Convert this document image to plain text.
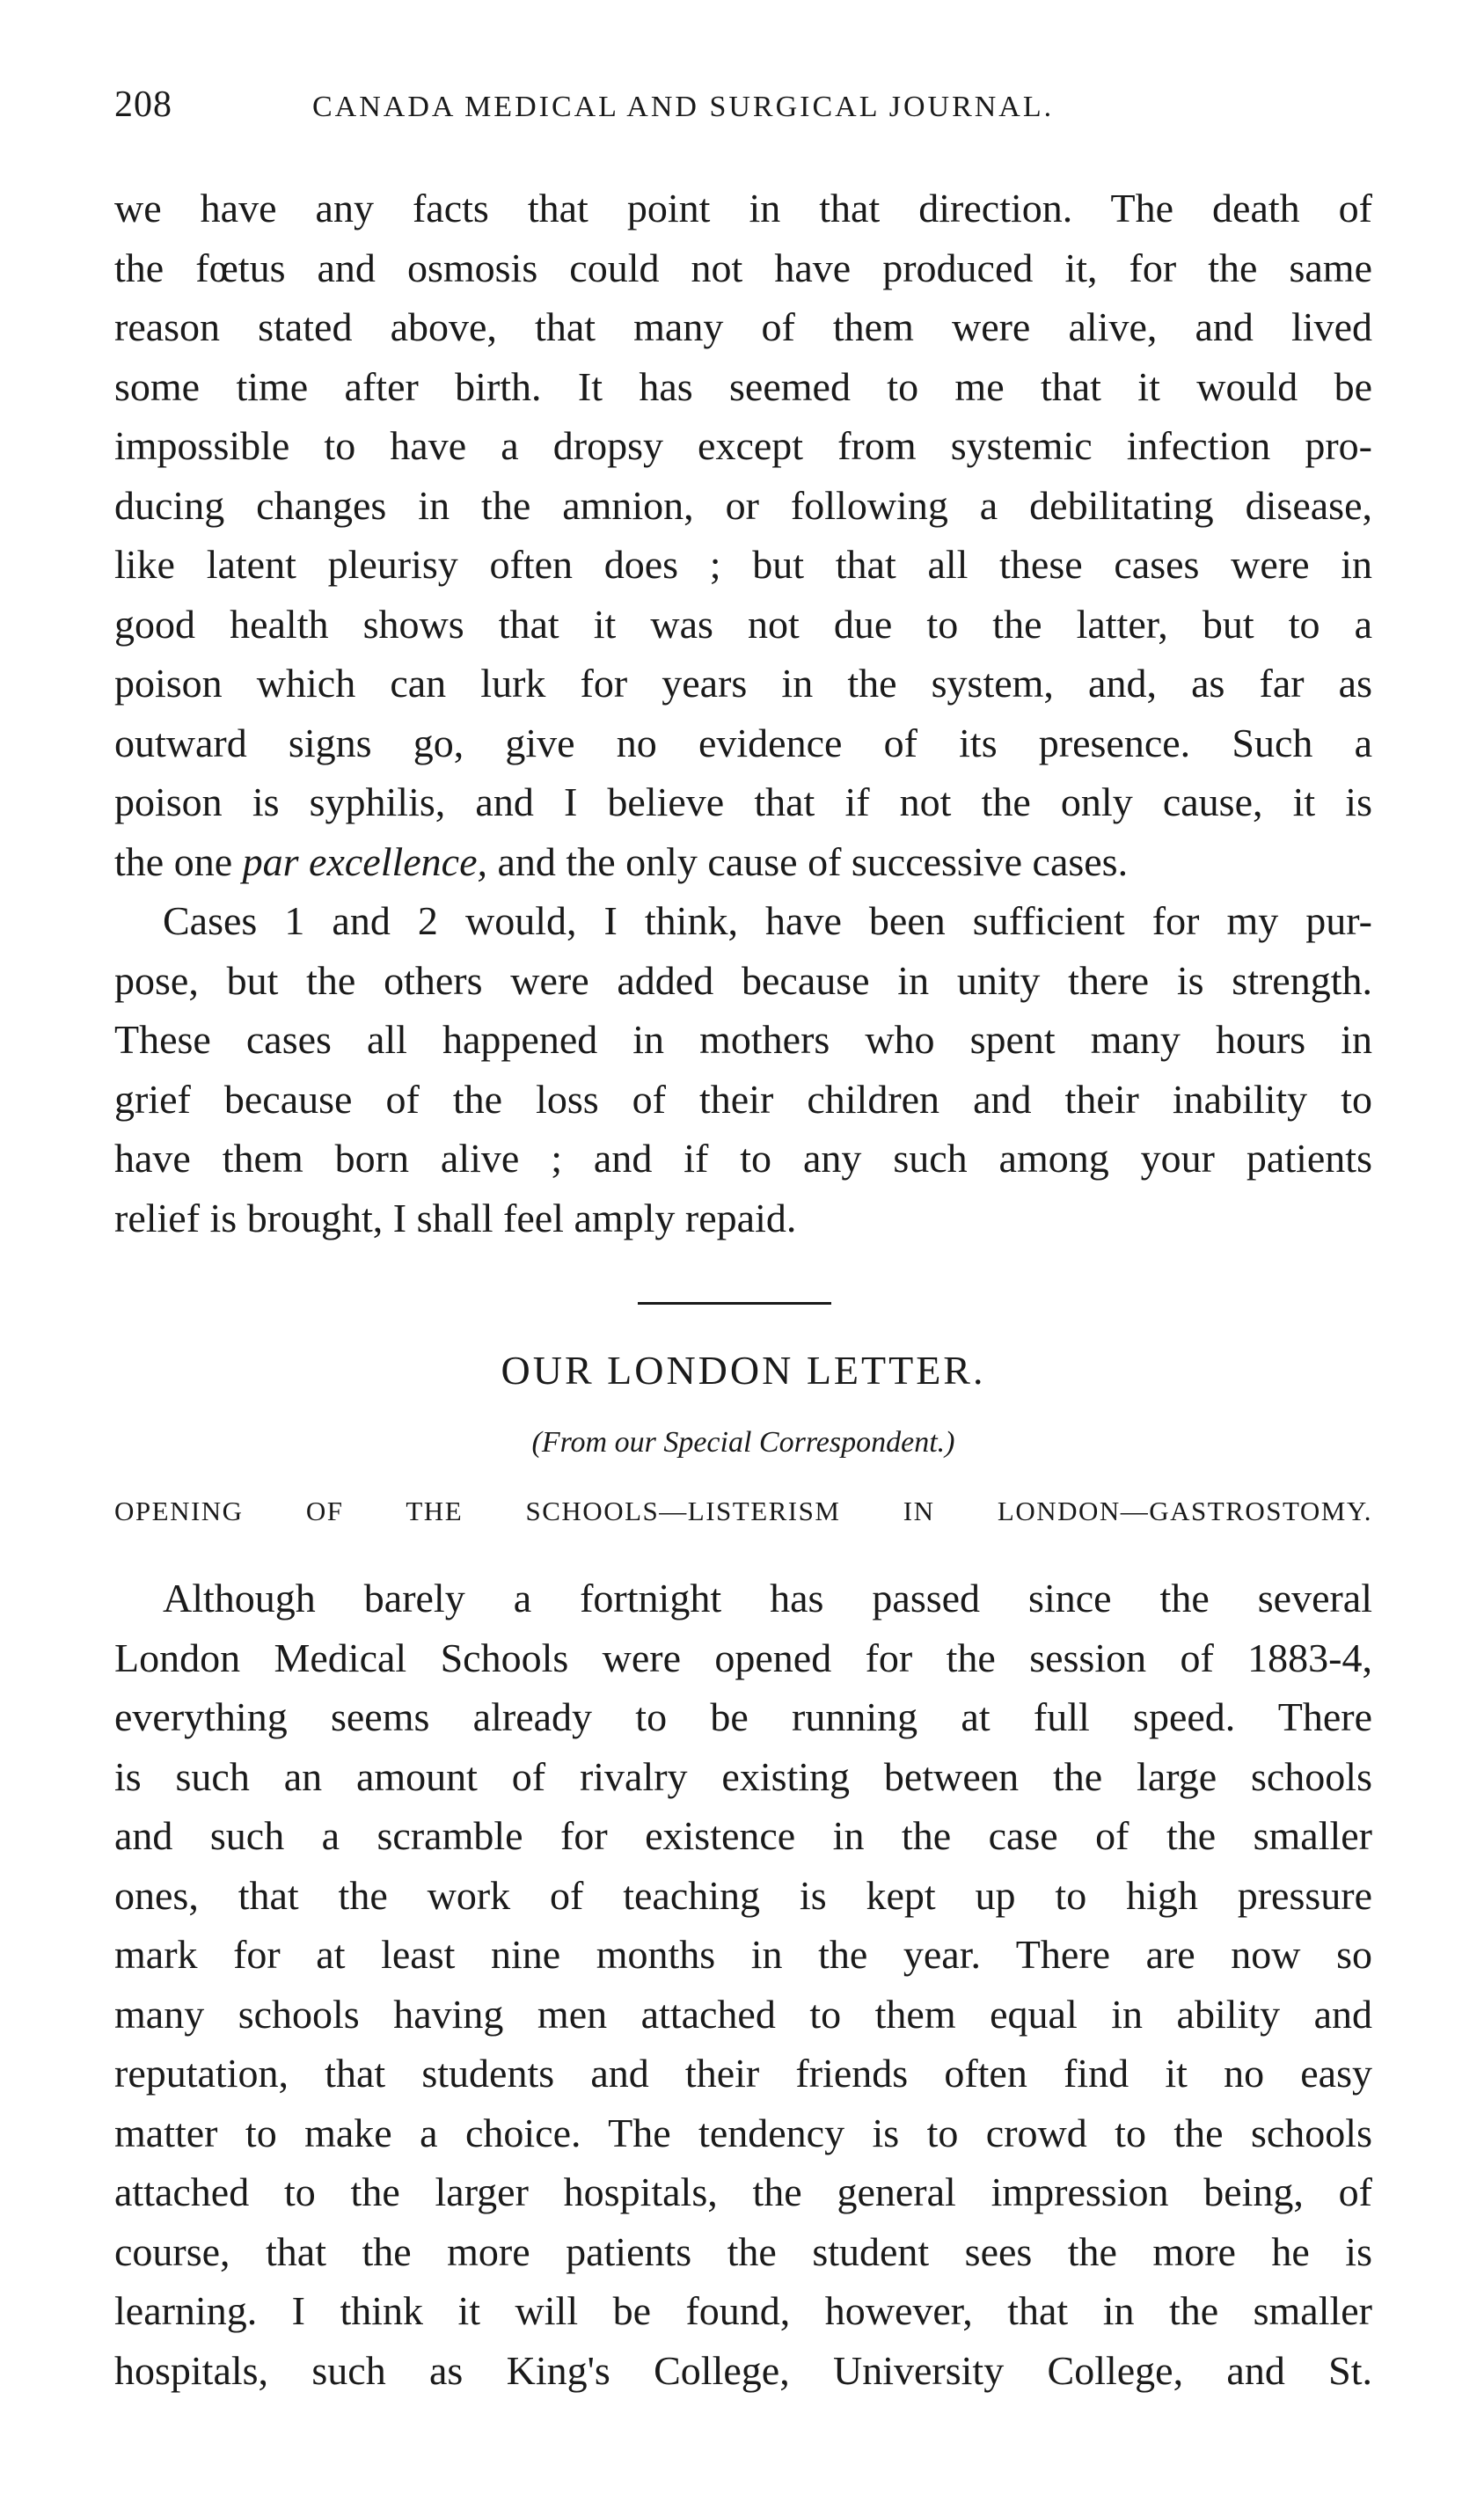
208	CANADA MEDICAL AND SURGICAL JOURNAL.
we have any facts that point in that direction. The death of
the fœtus and osmosis could not have produced it, for the same
reason stated above, that many of them were alive, and lived
some time after birth. It has seemed to me that it would be
impossible to have a dropsy except from systemic infection pro-
ducing changes in the amnion, or following a debilitating disease,
like latent pleurisy often does ; but that all these cases were in
good health shows that it was not due to the latter, but to a
poison which can lurk for years in the system, and, as far as
outward signs go, give no evidence of its presence. Such a
poison is syphilis, and I believe that if not the only cause, it is
the one par excellence, and the only cause of successive cases.
Cases 1 and 2 would, I think, have been sufficient for my pur-
pose, but the others were added because in unity there is strength.
These cases all happened in mothers who spent many hours in
grief because of the loss of their children and their inability to
have them born alive ; and if to any such among your patients
relief is brought, I shall feel amply repaid.
OUR LONDON LETTER.
(From our Special Correspondent.)
OPENING OF THE SCHOOLS—LISTERISM IN LONDON—GASTROSTOMY.
Although barely a fortnight has passed since the several
London Medical Schools were opened for the session of 1883-4,
everything seems already to be running at full speed. There
is such an amount of rivalry existing between the large schools
and such a scramble for existence in the case of the smaller
ones, that the work of teaching is kept up to high pressure
mark for at least nine months in the year. There are now so
many schools having men attached to them equal in ability and
reputation, that students and their friends often find it no easy
matter to make a choice. The tendency is to crowd to the schools
attached to the larger hospitals, the general impression being, of
course, that the more patients the student sees the more he is
learning. I think it will be found, however, that in the smaller
hospitals, such as King's College, University College, and St.
